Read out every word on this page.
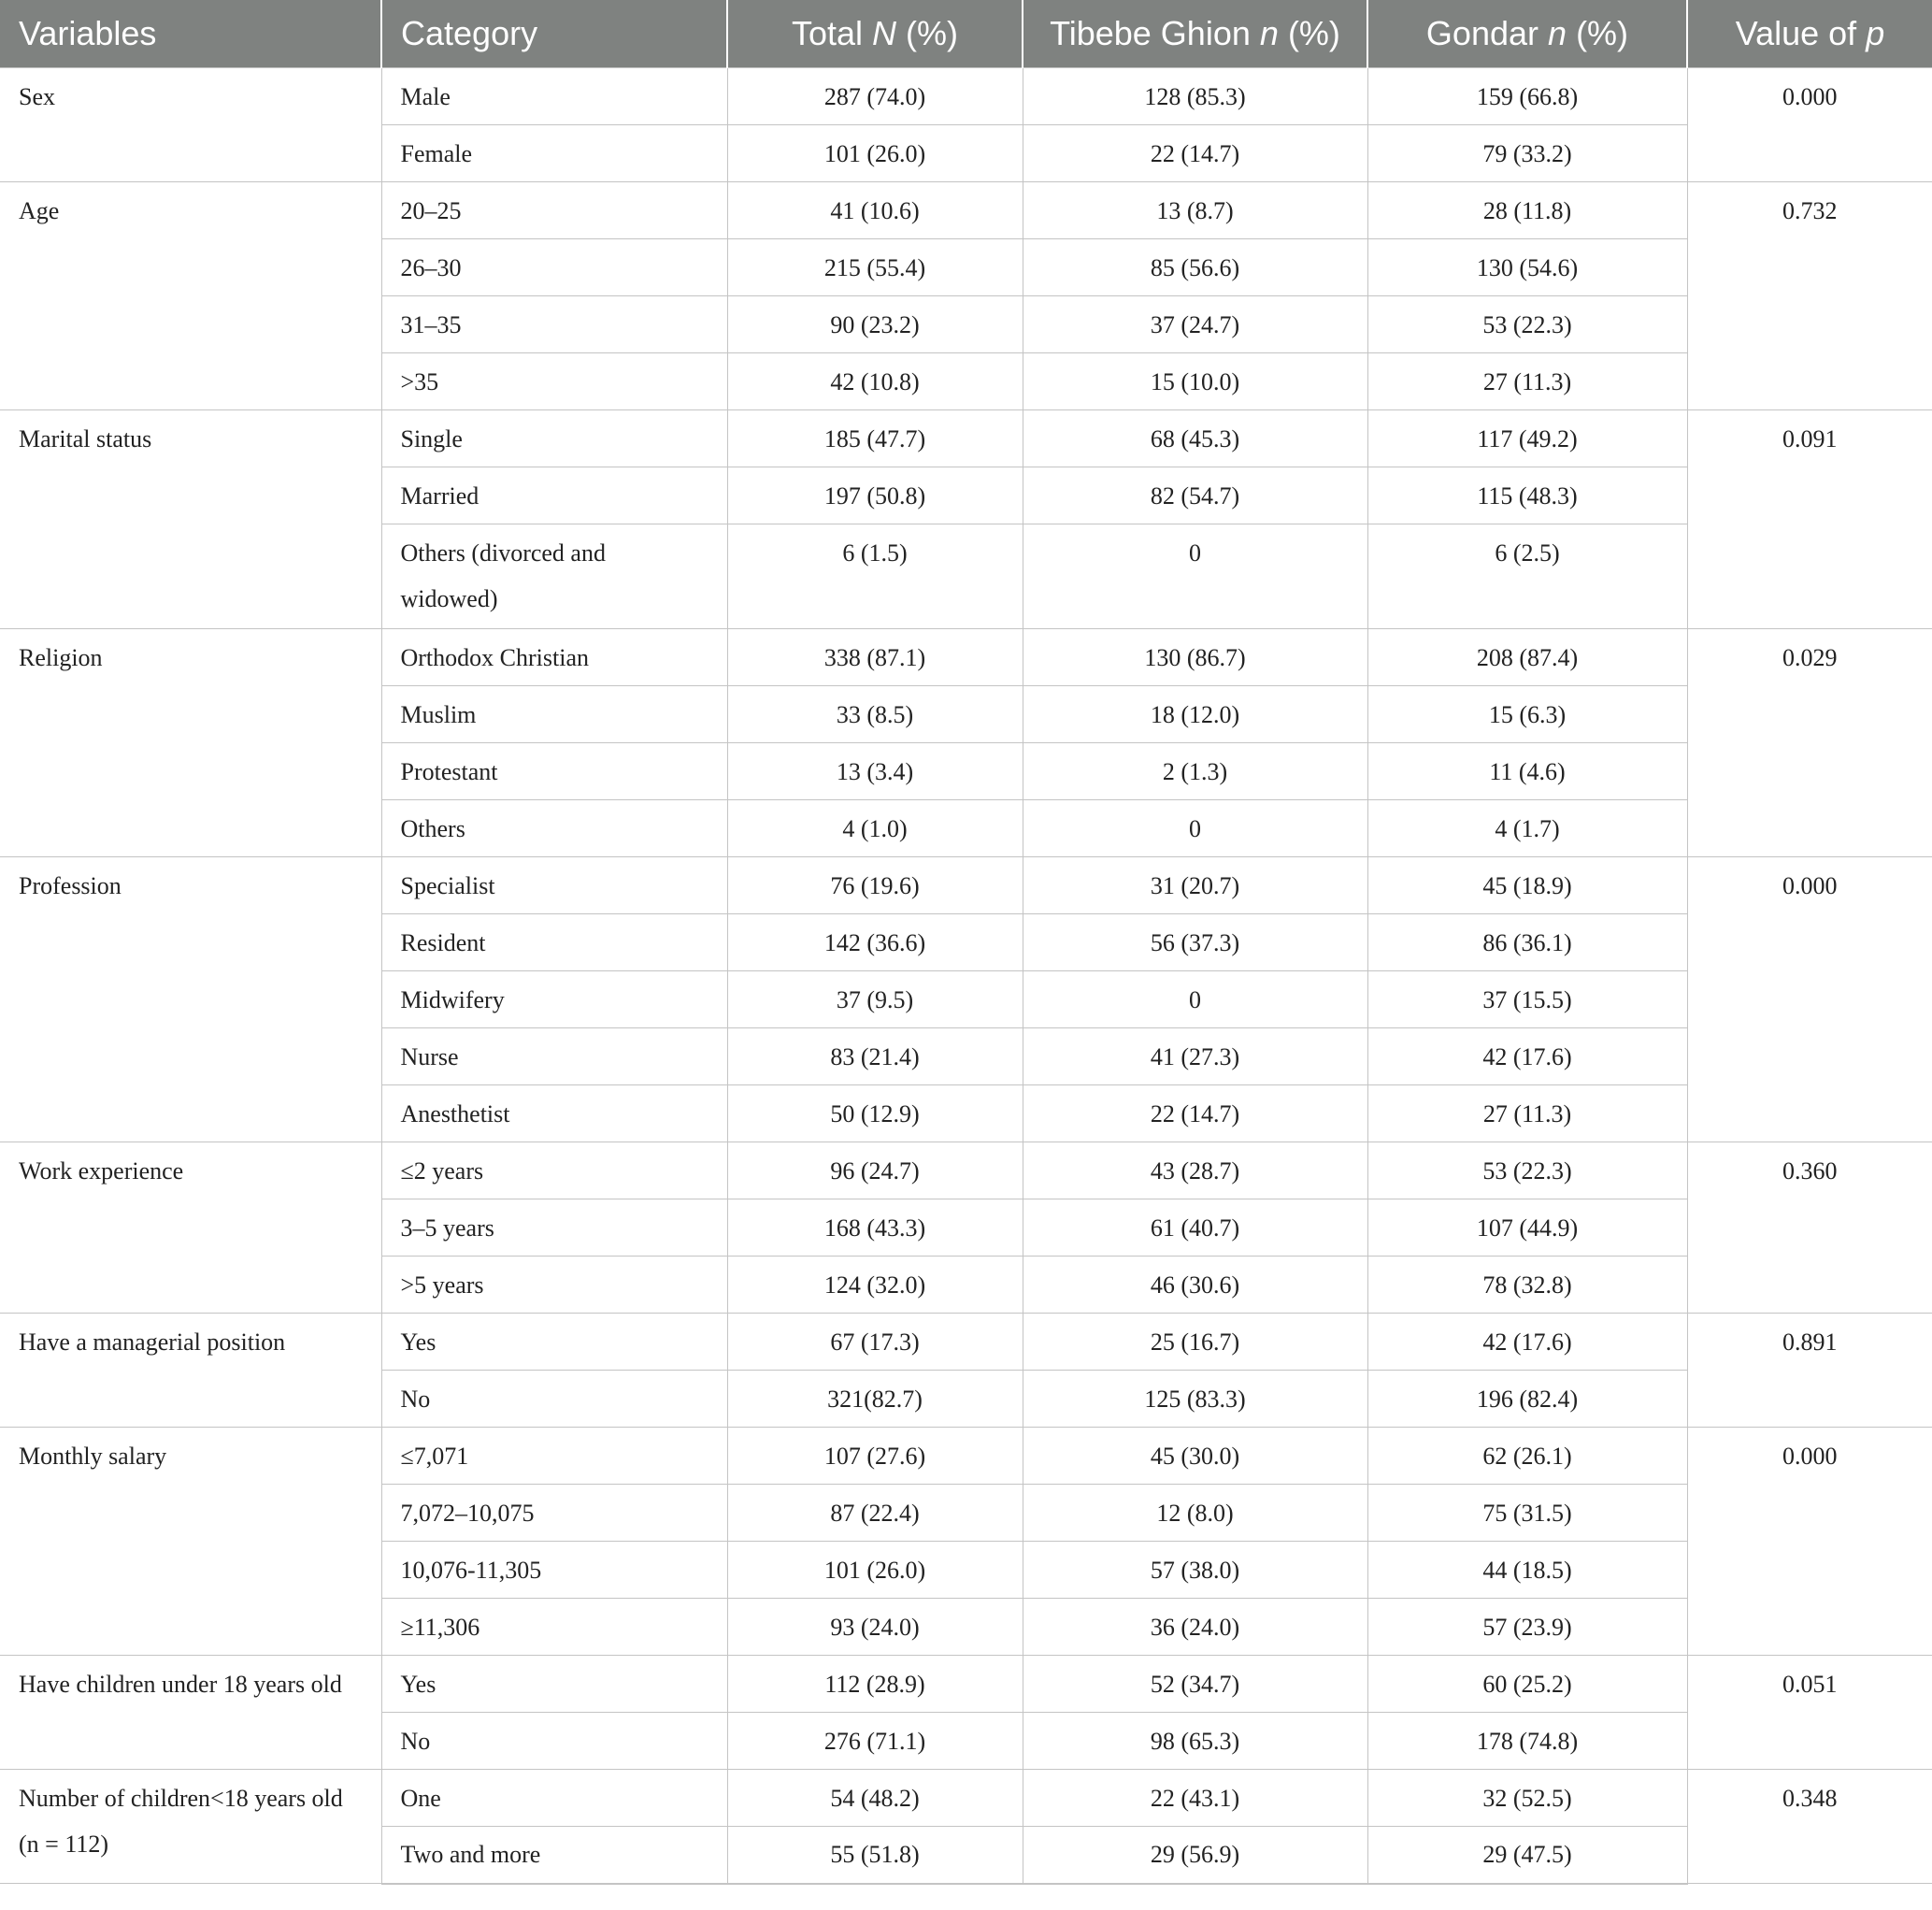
Variables	Category	Total N (%)	Tibebe Ghion n (%)	Gondar n (%)	Value of p
Sex	Male	287 (74.0)	128 (85.3)	159 (66.8)	0.000
	Female	101 (26.0)	22 (14.7)	79 (33.2)	
Age	20–25	41 (10.6)	13 (8.7)	28 (11.8)	0.732
	26–30	215 (55.4)	85 (56.6)	130 (54.6)	
	31–35	90 (23.2)	37 (24.7)	53 (22.3)	
	>35	42 (10.8)	15 (10.0)	27 (11.3)	
Marital status	Single	185 (47.7)	68 (45.3)	117 (49.2)	0.091
	Married	197 (50.8)	82 (54.7)	115 (48.3)	
	Others (divorced and widowed)	6 (1.5)	0	6 (2.5)	
Religion	Orthodox Christian	338 (87.1)	130 (86.7)	208 (87.4)	0.029
	Muslim	33 (8.5)	18 (12.0)	15 (6.3)	
	Protestant	13 (3.4)	2 (1.3)	11 (4.6)	
	Others	4 (1.0)	0	4 (1.7)	
Profession	Specialist	76 (19.6)	31 (20.7)	45 (18.9)	0.000
	Resident	142 (36.6)	56 (37.3)	86 (36.1)	
	Midwifery	37 (9.5)	0	37 (15.5)	
	Nurse	83 (21.4)	41 (27.3)	42 (17.6)	
	Anesthetist	50 (12.9)	22 (14.7)	27 (11.3)	
Work experience	≤2 years	96 (24.7)	43 (28.7)	53 (22.3)	0.360
	3–5 years	168 (43.3)	61 (40.7)	107 (44.9)	
	>5 years	124 (32.0)	46 (30.6)	78 (32.8)	
Have a managerial position	Yes	67 (17.3)	25 (16.7)	42 (17.6)	0.891
	No	321(82.7)	125 (83.3)	196 (82.4)	
Monthly salary	≤7,071	107 (27.6)	45 (30.0)	62 (26.1)	0.000
	7,072–10,075	87 (22.4)	12 (8.0)	75 (31.5)	
	10,076-11,305	101 (26.0)	57 (38.0)	44 (18.5)	
	≥11,306	93 (24.0)	36 (24.0)	57 (23.9)	
Have children under 18 years old	Yes	112 (28.9)	52 (34.7)	60 (25.2)	0.051
	No	276 (71.1)	98 (65.3)	178 (74.8)	
Number of children<18 years old (n = 112)	One	54 (48.2)	22 (43.1)	32 (52.5)	0.348
	Two and more	55 (51.8)	29 (56.9)	29 (47.5)	
